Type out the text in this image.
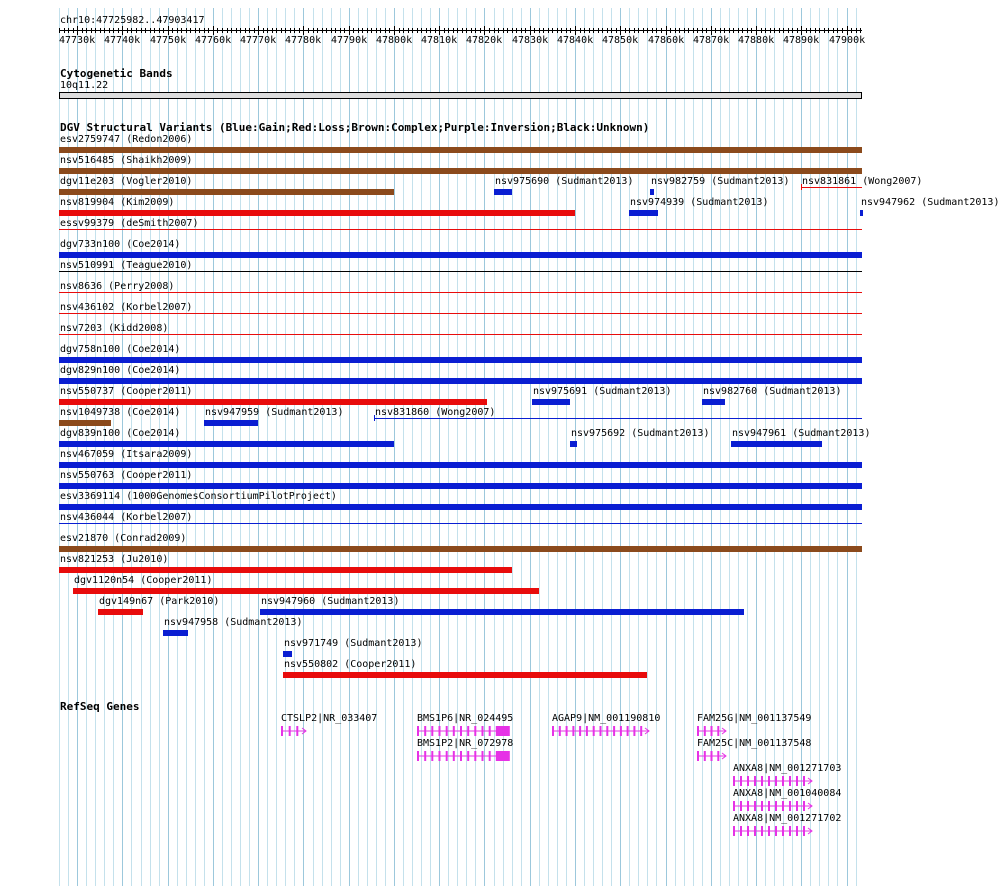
chr10:47725982..47903417
47730k 47740k 47750k 47760k 47770k 47780k 47790k 47800k 47810k 47820k 47830k 47840k 47850k 47860k 47870k 47880k 47890k 47900k
Cytogenetic Bands
10q11.22
DGV Structural Variants (Blue:Gain;Red:Loss;Brown:Complex;Purple:Inversion;Black:Unknown)
esv2759747 (Redon2006)
nsv516485 (Shaikh2009)
dgv11e203 (Vogler2010)	nsv975690 (Sudmant2013) nsv982759 (Sudmant2013) nsv831861 (Wong2007)
nsv819904 (Kim2009)	nsv974939 (Sudmant2013)	nsv947962 (Sudmant2013)
essv99379 (deSmith2007)
dgv733n100 (Coe2014)
nsv510991 (Teague2010)
nsv8636 (Perry2008)
nsv436102 (Korbel2007)
nsv7203 (Kidd2008)
dgv758n100 (Coe2014)
dgv829n100 (Coe2014)
nsv550737 (Cooper2011)	nsv975691 (Sudmant2013)	nsv982760 (Sudmant2013)
nsv1049738 (Coe2014) nsv947959 (Sudmant2013)	nsv831860 (Wong2007)
dgv839n100 (Coe2014)	nsv975692 (Sudmant2013) nsv947961 (Sudmant2013)
nsv467059 (Itsara2009)
nsv550763 (Cooper2011)
esv3369114 (1000GenomesConsortiumPilotProject)
nsv436044 (Korbel2007)
esv21870 (Conrad2009)
nsv821253 (Ju2010)
dgv1120n54 (Cooper2011)
dgv149n67 (Park2010)	nsv947960 (Sudmant2013)
nsv947958 (Sudmant2013)
nsv971749 (Sudmant2013)
nsv550802 (Cooper2011)
RefSeq Genes
CTSLP2|NR_033407	BMS1P6|NR_024495
BMS1P2|NR_072978
AGAP9|NM_001190810	FAM25G|NM_001137549
FAM25C|NM_001137548
ANXA8|NM_001271703
ANXA8|NM_001040084
ANXA8|NM_001271702
